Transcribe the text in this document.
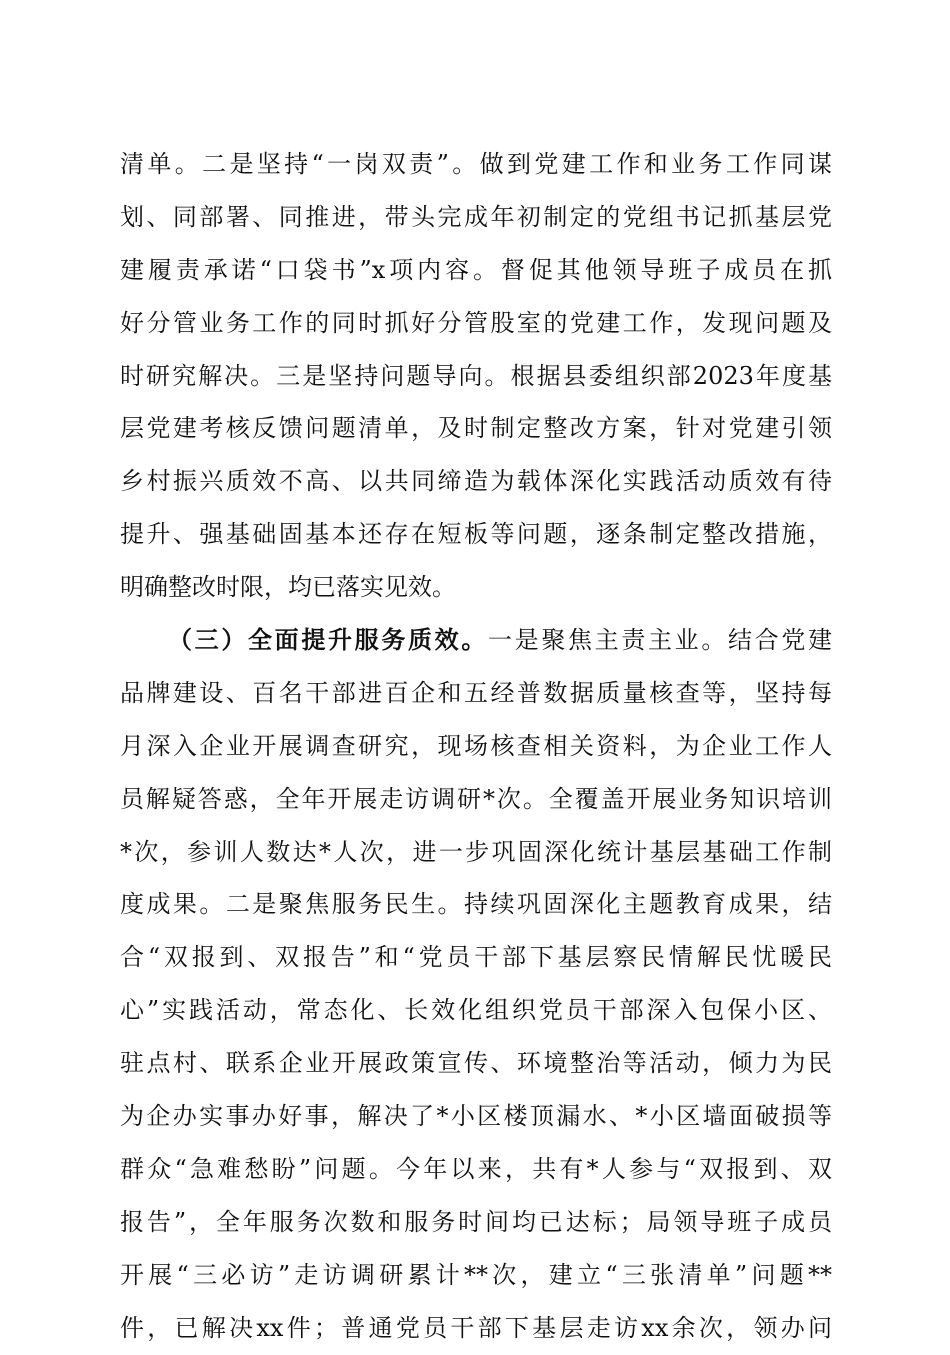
清单。二是坚持“一岗双责”。做到党建工作和业务工作同谋
划、同部署、同推进，带头完成年初制定的党组书记抓基层党
建履责承诺“口袋书”x项内容。督促其他领导班子成员在抓
好分管业务工作的同时抓好分管股室的党建工作，发现问题及
时研究解决。三是坚持问题导向。根据县委组织部2023年度基
层党建考核反馈问题清单，及时制定整改方案，针对党建引领
乡村振兴质效不高、以共同缔造为载体深化实践活动质效有待
提升、强基础固基本还存在短板等问题，逐条制定整改措施，
明确整改时限，均已落实见效。
（三）全面提升服务质效。一是聚焦主责主业。结合党建
品牌建设、百名干部进百企和五经普数据质量核查等，坚持每
月深入企业开展调查研究，现场核查相关资料，为企业工作人
员解疑答惑，全年开展走访调研*次。全覆盖开展业务知识培训
*次，参训人数达*人次，进一步巩固深化统计基层基础工作制
度成果。二是聚焦服务民生。持续巩固深化主题教育成果，结
合“双报到、双报告”和“党员干部下基层察民情解民忧暖民
心”实践活动，常态化、长效化组织党员干部深入包保小区、
驻点村、联系企业开展政策宣传、环境整治等活动，倾力为民
为企办实事办好事，解决了*小区楼顶漏水、*小区墙面破损等
群众“急难愁盼”问题。今年以来，共有*人参与“双报到、双
报告”，全年服务次数和服务时间均已达标；局领导班子成员
开展“三必访”走访调研累计**次，建立“三张清单”问题**
件，已解决xx件；普通党员干部下基层走访xx余次，领办问
